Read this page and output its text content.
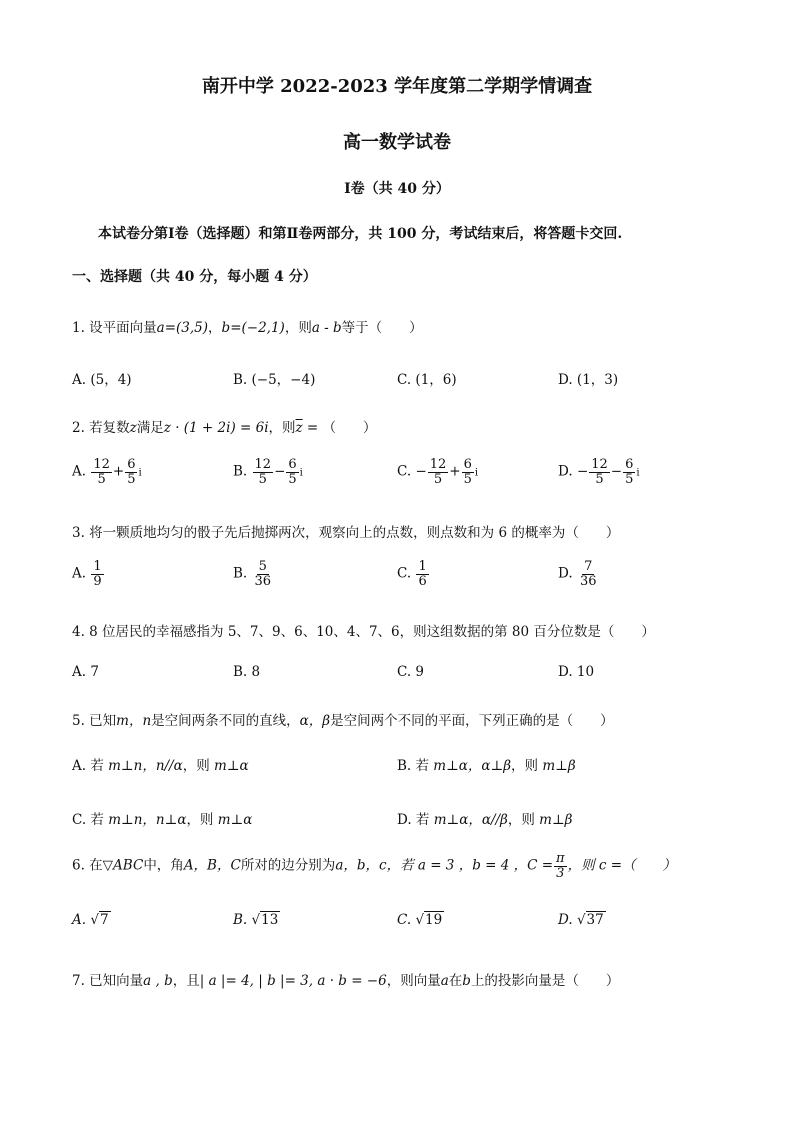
南开中学 2022-2023 学年度第二学期学情调查
高一数学试卷
Ⅰ卷（共 40 分）
本试卷分第Ⅰ卷（选择题）和第Ⅱ卷两部分，共 100 分，考试结束后，将答题卡交回.
一、选择题（共 40 分，每小题 4 分）
1. 设平面向量a=(3,5)，b=(−2,1)，则a - b等于（　　）
A. (5，4)	B. (−5，−4)	C. (1，6)	D. (1，3)
2. 若复数z满足z · (1 + 2i) = 6i，则$\overline{z}$ = （　　）
A. $\frac{12}{5} + \frac{6}{5}$ i	B. $\frac{12}{5} - \frac{6}{5}$ i	C. − $\frac{12}{5} + \frac{6}{5}$ i	D. − $\frac{12}{5} - \frac{6}{5}$ i
3. 将一颗质地均匀的骰子先后抛掷两次，观察向上的点数，则点数和为 6 的概率为（　　）
A. $\frac{1}{9}$	B. $\frac{5}{36}$	C. $\frac{1}{6}$	D. $\frac{7}{36}$
4. 8 位居民的幸福感指为 5、7、9、6、10、4、7、6，则这组数据的第 80 百分位数是（　　）
A. 7	B. 8	C. 9	D. 10
5. 已知m，n是空间两条不同的直线，α，β是空间两个不同的平面，下列正确的是（　　）
A. 若 m⊥n，n//α，则 m⊥α	B. 若 m⊥α，α⊥β，则 m⊥β
C. 若 m⊥n，n⊥α，则 m⊥α	D. 若 m⊥α，α//β，则 m⊥β
6. 在▽ABC中，角A，B，C所对的边分别为a，b，c，若 a = 3 ，b = 4 ，$C = \frac{\pi}{3}$ ，则 c =（　　）
A. √7	B. √13	C. √19	D. √37
7. 已知向量a , b，且| a |= 4, | b |= 3, a · b = −6，则向量a在b上的投影向量是（　　）
